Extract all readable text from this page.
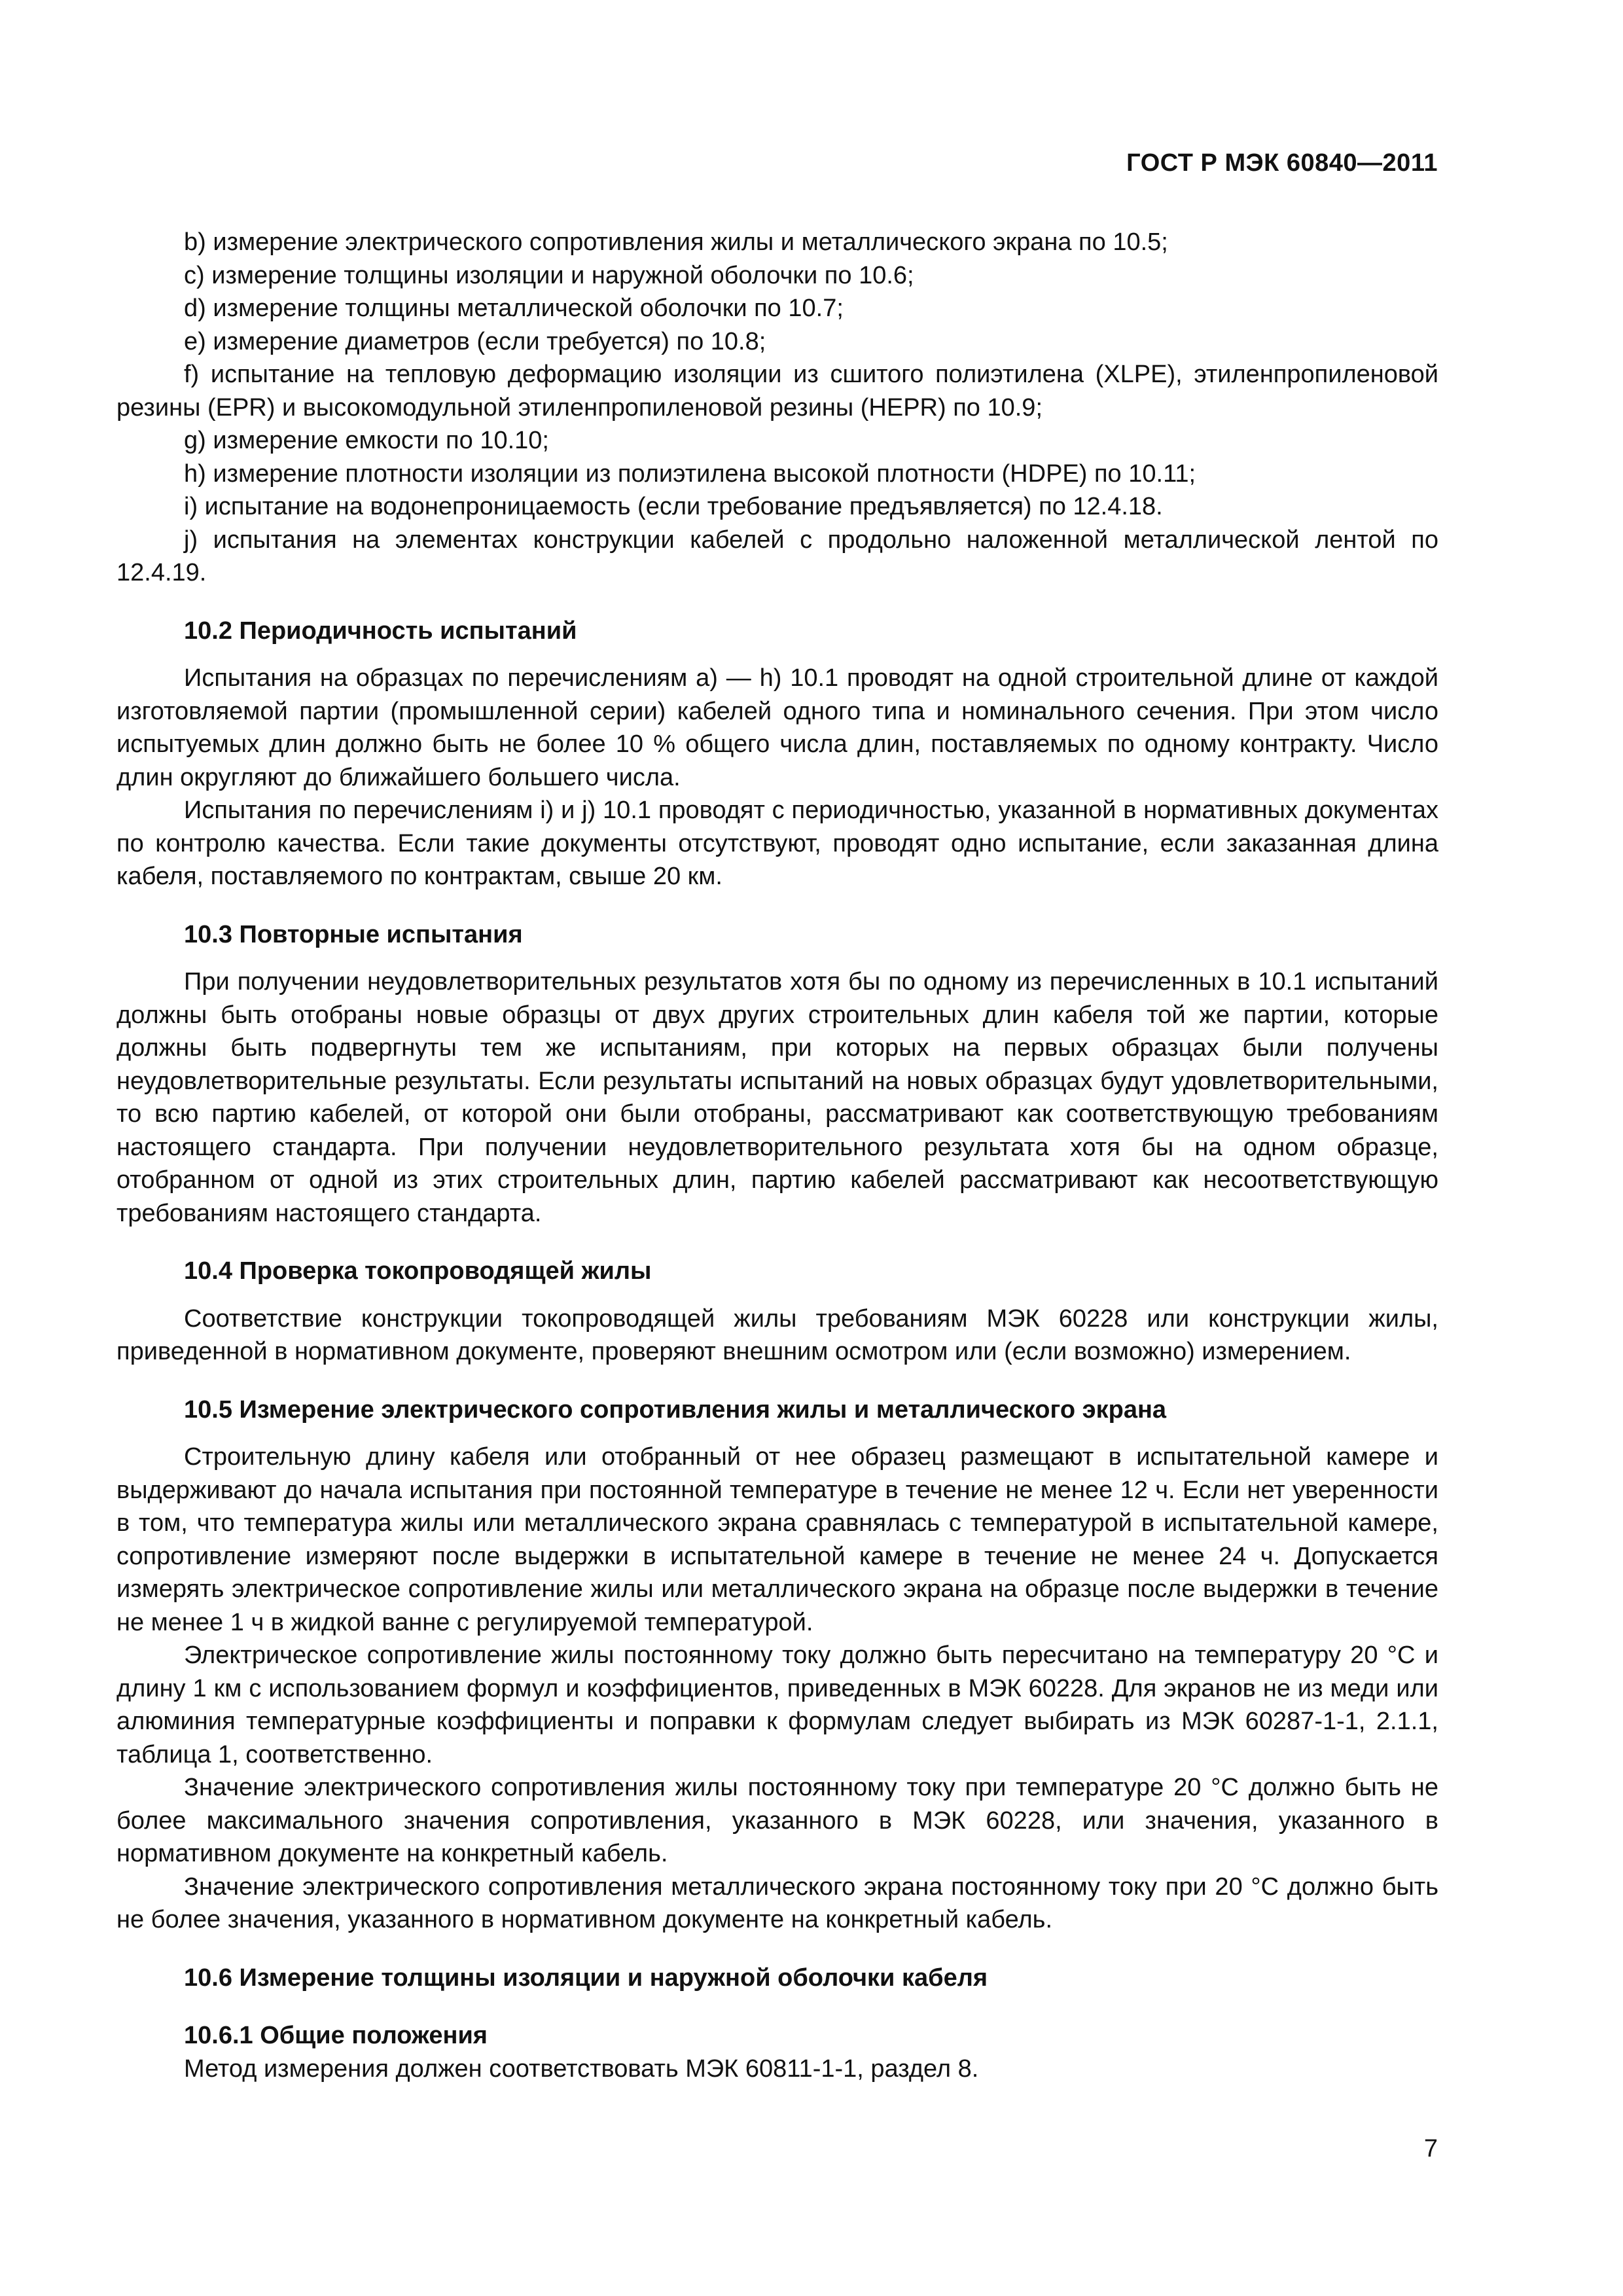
ГОСТ Р МЭК 60840—2011

b) измерение электрического сопротивления жилы и металлического экрана по 10.5;

c) измерение толщины изоляции и наружной оболочки по 10.6;

d) измерение толщины металлической оболочки по 10.7;

e) измерение диаметров (если требуется) по 10.8;

f) испытание на тепловую деформацию изоляции из сшитого полиэтилена (XLPE), этиленпропиленовой резины (EPR) и высокомодульной этиленпропиленовой резины (HEPR) по 10.9;

g) измерение емкости по 10.10;

h) измерение плотности изоляции из полиэтилена высокой плотности (HDPE) по 10.11;

i) испытание на водонепроницаемость (если требование предъявляется) по 12.4.18.

j) испытания на элементах конструкции кабелей с продольно наложенной металлической лентой по 12.4.19.

10.2 Периодичность испытаний

Испытания на образцах по перечислениям a) — h) 10.1 проводят на одной строительной длине от каждой изготовляемой партии (промышленной серии) кабелей одного типа и номинального сечения. При этом число испытуемых длин должно быть не более 10 % общего числа длин, поставляемых по одному контракту. Число длин округляют до ближайшего большего числа.

Испытания по перечислениям i) и j) 10.1 проводят с периодичностью, указанной в нормативных документах по контролю качества. Если такие документы отсутствуют, проводят одно испытание, если заказанная длина кабеля, поставляемого по контрактам, свыше 20 км.

10.3 Повторные испытания

При получении неудовлетворительных результатов хотя бы по одному из перечисленных в 10.1 испытаний должны быть отобраны новые образцы от двух других строительных длин кабеля той же партии, которые должны быть подвергнуты тем же испытаниям, при которых на первых образцах были получены неудовлетворительные результаты. Если результаты испытаний на новых образцах будут удовлетворительными, то всю партию кабелей, от которой они были отобраны, рассматривают как соответствующую требованиям настоящего стандарта. При получении неудовлетворительного результата хотя бы на одном образце, отобранном от одной из этих строительных длин, партию кабелей рассматривают как несоответствующую требованиям настоящего стандарта.

10.4 Проверка токопроводящей жилы

Соответствие конструкции токопроводящей жилы требованиям МЭК 60228 или конструкции жилы, приведенной в нормативном документе, проверяют внешним осмотром или (если возможно) измерением.

10.5 Измерение электрического сопротивления жилы и металлического экрана

Строительную длину кабеля или отобранный от нее образец размещают в испытательной камере и выдерживают до начала испытания при постоянной температуре в течение не менее 12 ч. Если нет уверенности в том, что температура жилы или металлического экрана сравнялась с температурой в испытательной камере, сопротивление измеряют после выдержки в испытательной камере в течение не менее 24 ч. Допускается измерять электрическое сопротивление жилы или металлического экрана на образце после выдержки в течение не менее 1 ч в жидкой ванне с регулируемой температурой.

Электрическое сопротивление жилы постоянному току должно быть пересчитано на температуру 20 °С и длину 1 км с использованием формул и коэффициентов, приведенных в МЭК 60228. Для экранов не из меди или алюминия температурные коэффициенты и поправки к формулам следует выбирать из МЭК 60287-1-1, 2.1.1, таблица 1, соответственно.

Значение электрического сопротивления жилы постоянному току при температуре 20 °С должно быть не более максимального значения сопротивления, указанного в МЭК 60228, или значения, указанного в нормативном документе на конкретный кабель.

Значение электрического сопротивления металлического экрана постоянному току при 20 °С должно быть не более значения, указанного в нормативном документе на конкретный кабель.

10.6 Измерение толщины изоляции и наружной оболочки кабеля
10.6.1 Общие положения

Метод измерения должен соответствовать МЭК 60811-1-1, раздел 8.

7
